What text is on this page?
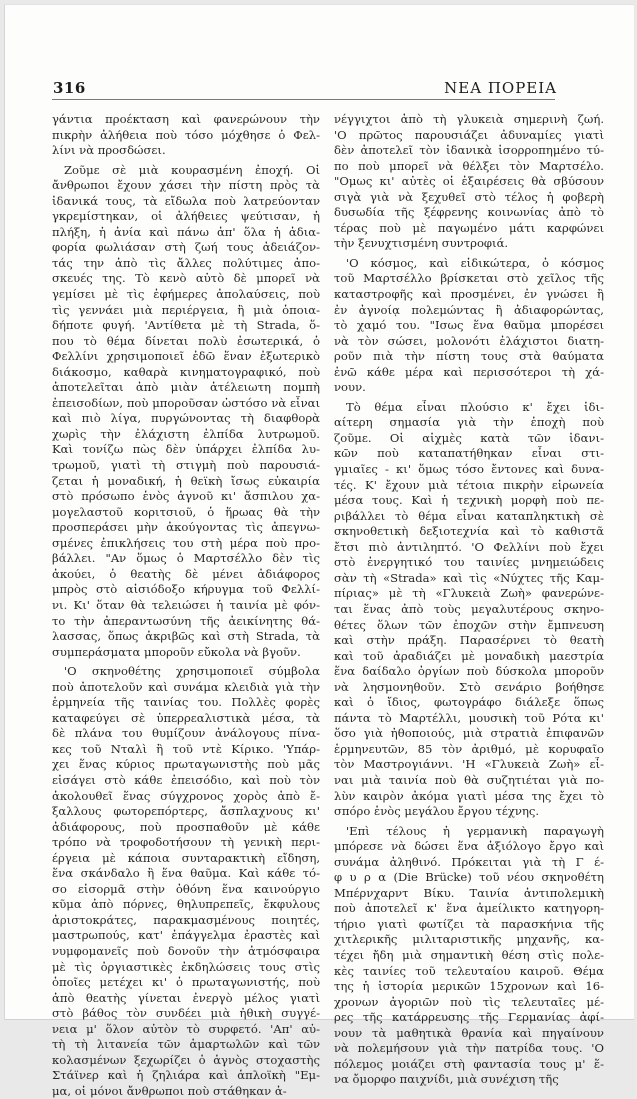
316	ΝΕΑ ΠΟΡΕΙΑ
γάντια προέκταση καὶ φανερώνουν τὴν
πικρὴν ἀλήθεια ποὺ τόσο μόχθησε ὁ Φελ-
λίνι νὰ προσδώσει.
Ζοῦμε σὲ μιὰ κουρασμένη ἐποχή. Οἱ
ἄνθρωποι ἔχουν χάσει τὴν πίστη πρὸς τὰ
ἰδανικά τους, τὰ εἴδωλα ποὺ λατρεύονταν
γκρεμίστηκαν, οἱ ἀλήθειες ψεύτισαν, ἡ
πλήξη, ἡ ἀνία καὶ πάνω ἀπ' ὅλα ἡ ἀδια-
φορία φωλιάσαν στὴ ζωή τους ἀδειάζον-
τάς την ἀπὸ τὶς ἄλλες πολύτιμες ἀπο-
σκευές της. Τὸ κενὸ αὐτὸ δὲ μπορεῖ νὰ
γεμίσει μὲ τὶς ἐφήμερες ἀπολαύσεις, ποὺ
τὶς γεννάει μιὰ περιέργεια, ἢ μιὰ ὁποια-
δήποτε φυγή. 'Αντίθετα μὲ τὴ Strada, ὅ-
που τὸ θέμα δίνεται πολὺ ἐσωτερικά, ὁ
Φελλίνι χρησιμοποιεῖ ἐδῶ ἕναν ἐξωτερικὸ
διάκοσμο, καθαρὰ κινηματογραφικό, ποὺ
ἀποτελεῖται ἀπὸ μιὰν ἀτέλειωτη πομπὴ
ἐπεισοδίων, ποὺ μποροῦσαν ὡστόσο νὰ εἶναι
καὶ πιὸ λίγα, πυργώνοντας τὴ διαφθορὰ
χωρὶς τὴν ἐλάχιστη ἐλπίδα λυτρωμοῦ.
Καὶ τονίζω πὼς δὲν ὑπάρχει ἐλπίδα λυ-
τρωμοῦ, γιατὶ τὴ στιγμὴ ποὺ παρουσιά-
ζεται ἡ μοναδική, ἡ θεϊκὴ ἴσως εὐκαιρία
στὸ πρόσωπο ἑνὸς ἁγνοῦ κι' ἄσπιλου χα-
μογελαστοῦ κοριτσιοῦ, ὁ ἥρωας θὰ τὴν
προσπεράσει μὴν ἀκούγοντας τὶς ἀπεγνω-
σμένες ἐπικλήσεις του στὴ μέρα ποὺ προ-
βάλλει. "Αν ὅμως ὁ Μαρτσέλλο δὲν τὶς
ἀκούει, ὁ θεατὴς δὲ μένει ἀδιάφορος
μπρὸς στὸ αἰσιόδοξο κήρυγμα τοῦ Φελλί-
νι. Κι' ὅταν θὰ τελειώσει ἡ ταινία μὲ φόν-
το τὴν ἀπεραντωσύνη τῆς ἀεικίνητης θά-
λασσας, ὅπως ἀκριβῶς καὶ στὴ Strada, τὰ
συμπεράσματα μποροῦν εὔκολα νὰ βγοῦν.
'Ο σκηνοθέτης χρησιμοποιεῖ σύμβολα
ποὺ ἀποτελοῦν καὶ συνάμα κλειδιὰ γιὰ τὴν
ἑρμηνεία τῆς ταινίας του. Πολλὲς φορὲς
καταφεύγει σὲ ὑπερρεαλιστικὰ μέσα, τὰ
δὲ πλάνα του θυμίζουν ἀνάλογους πίνα-
κες τοῦ Νταλὶ ἢ τοῦ ντὲ Κίρικο. 'Υπάρ-
χει ἕνας κύριος πρωταγωνιστὴς ποὺ μᾶς
εἰσάγει στὸ κάθε ἐπεισόδιο, καὶ ποὺ τὸν
ἀκολουθεῖ ἕνας σύγχρονος χορὸς ἀπὸ ἔ-
ξαλλους φωτορεπόρτερς, ἄσπλαχνους κι'
ἀδιάφορους, ποὺ προσπαθοῦν μὲ κάθε
τρόπο νὰ τροφοδοτήσουν τὴ γενικὴ περι-
έργεια μὲ κάποια συνταρακτικὴ εἴδηση,
ἕνα σκάνδαλο ἢ ἕνα θαῦμα. Καὶ κάθε τό-
σο εἰσορμᾶ στὴν ὀθόνη ἕνα καινούργιο
κῦμα ἀπὸ πόρνες, θηλυπρεπεῖς, ἔκφυλους
ἀριστοκράτες, παρακμασμένους ποιητές,
μαστρωπούς, κατ' ἐπάγγελμα ἐραστὲς καὶ
νυμφομανεῖς ποὺ δονοῦν τὴν ἀτμόσφαιρα
μὲ τὶς ὀργιαστικὲς ἐκδηλώσεις τους στὶς
ὁποῖες μετέχει κι' ὁ πρωταγωνιστής, ποὺ
ἀπὸ θεατὴς γίνεται ἐνεργὸ μέλος γιατὶ
στὸ βάθος τὸν συνδέει μιὰ ἠθικὴ συγγέ-
νεια μ' ὅλον αὐτὸν τὸ συρφετό. 'Απ' αὐ-
τὴ τὴ λιτανεία τῶν ἁμαρτωλῶν καὶ τῶν
κολασμένων ξεχωρίζει ὁ ἁγνὸς στοχαστὴς
Στάϊνερ καὶ ἡ ζηλιάρα καὶ ἁπλοϊκὴ "Εμ-
μα, οἱ μόνοι ἄνθρωποι ποὺ στάθηκαν ἀ-
νέγγιχτοι ἀπὸ τὴ γλυκειὰ σημερινὴ ζωή.
'Ο πρῶτος παρουσιάζει ἀδυναμίες γιατὶ
δὲν ἀποτελεῖ τὸν ἰδανικὰ ἰσορροπημένο τύ-
πο ποὺ μπορεῖ νὰ θέλξει τὸν Μαρτσέλο.
"Ομως κι' αὐτὲς οἱ ἐξαιρέσεις θὰ σβύσουν
σιγὰ γιὰ νὰ ξεχυθεῖ στὸ τέλος ἡ φοβερὴ
δυσωδία τῆς ξέφρενης κοινωνίας ἀπὸ τὸ
τέρας ποὺ μὲ παγωμένο μάτι καρφώνει
τὴν ξενυχτισμένη συντροφιά.
'Ο κόσμος, καὶ εἰδικώτερα, ὁ κόσμος
τοῦ Μαρτσέλλο βρίσκεται στὸ χεῖλος τῆς
καταστροφῆς καὶ προσμένει, ἐν γνώσει ἢ
ἐν ἀγνοίᾳ πολεμώντας ἢ ἀδιαφορώντας,
τὸ χαμό του. "Ισως ἕνα θαῦμα μπορέσει
νὰ τὸν σώσει, μολονότι ἐλάχιστοι διατη-
ροῦν πιὰ τὴν πίστη τους στὰ θαύματα
ἐνῶ κάθε μέρα καὶ περισσότεροι τὴ χά-
νουν.
Τὸ θέμα εἶναι πλούσιο κ' ἔχει ἰδι-
αίτερη σημασία γιὰ τὴν ἐποχὴ ποὺ
ζοῦμε. Οἱ αἰχμὲς κατὰ τῶν ἰδανι-
κῶν ποὺ καταπατήθηκαν εἶναι στι-
γμιαῖες - κι' ὅμως τόσο ἔντονες καὶ δυνα-
τές. Κ' ἔχουν μιὰ τέτοια πικρὴν εἰρωνεία
μέσα τους. Καὶ ἡ τεχνικὴ μορφὴ ποὺ πε-
ριβάλλει τὸ θέμα εἶναι καταπληκτικὴ σὲ
σκηνοθετικὴ δεξιοτεχνία καὶ τὸ καθιστᾶ
ἔτσι πιὸ ἀντιληπτό. 'Ο Φελλίνι ποὺ ἔχει
στὸ ἐνεργητικό του ταινίες μνημειώδεις
σὰν τὴ «Strada» καὶ τὶς «Νύχτες τῆς Καμ-
πίριας» μὲ τὴ «Γλυκειὰ Ζωὴ» φανερώνε-
ται ἕνας ἀπὸ τοὺς μεγαλυτέρους σκηνο-
θέτες ὅλων τῶν ἐποχῶν στὴν ἔμπνευση
καὶ στὴν πράξη. Παρασέρνει τὸ θεατὴ
καὶ τοῦ ἀραδιάζει μὲ μοναδικὴ μαεστρία
ἕνα δαίδαλο ὀργίων ποὺ δύσκολα μποροῦν
νὰ λησμονηθοῦν. Στὸ σενάριο βοήθησε
καὶ ὁ ἴδιος, φωτογράφο διάλεξε ὅπως
πάντα τὸ Μαρτέλλι, μουσικὴ τοῦ Ρότα κι'
ὅσο γιὰ ἠθοποιούς, μιὰ στρατιὰ ἐπιφανῶν
ἑρμηνευτῶν, 85 τὸν ἀριθμό, μὲ κορυφαῖο
τὸν Μαστρογιάννι. 'Η «Γλυκειὰ Ζωὴ» εἶ-
ναι μιὰ ταινία ποὺ θὰ συζητιέται γιὰ πο-
λὺν καιρὸν ἀκόμα γιατὶ μέσα της ἔχει τὸ
σπόρο ἑνὸς μεγάλου ἔργου τέχνης.
'Επὶ τέλους ἡ γερμανικὴ παραγωγὴ
μπόρεσε νὰ δώσει ἕνα ἀξιόλογο ἔργο καὶ
συνάμα ἀληθινό. Πρόκειται γιὰ τὴ Γ έ-
φ υ ρ α (Die Brücke) τοῦ νέου σκηνοθέτη
Μπέρνχαρντ Βίκυ. Ταινία ἀντιπολεμικὴ
ποὺ ἀποτελεῖ κ' ἕνα ἀμείλικτο κατηγορη-
τήριο γιατὶ φωτίζει τὰ παρασκήνια τῆς
χιτλερικῆς μιλιταριστικῆς μηχανῆς, κα-
τέχει ἤδη μιὰ σημαντικὴ θέση στὶς πολε-
κὲς ταινίες τοῦ τελευταίου καιροῦ. Θέμα
της ἡ ἱστορία μερικῶν 15χρονων καὶ 16-
χρονων ἀγοριῶν ποὺ τὶς τελευταῖες μέ-
ρες τῆς κατάρρευσης τῆς Γερμανίας ἀφί-
νουν τὰ μαθητικὰ θρανία καὶ πηγαίνουν
νὰ πολεμήσουν γιὰ τὴν πατρίδα τους. 'Ο
πόλεμος μοιάζει στὴ φαντασία τους μ' ἕ-
να ὄμορφο παιχνίδι, μιὰ συνέχιση τῆς
